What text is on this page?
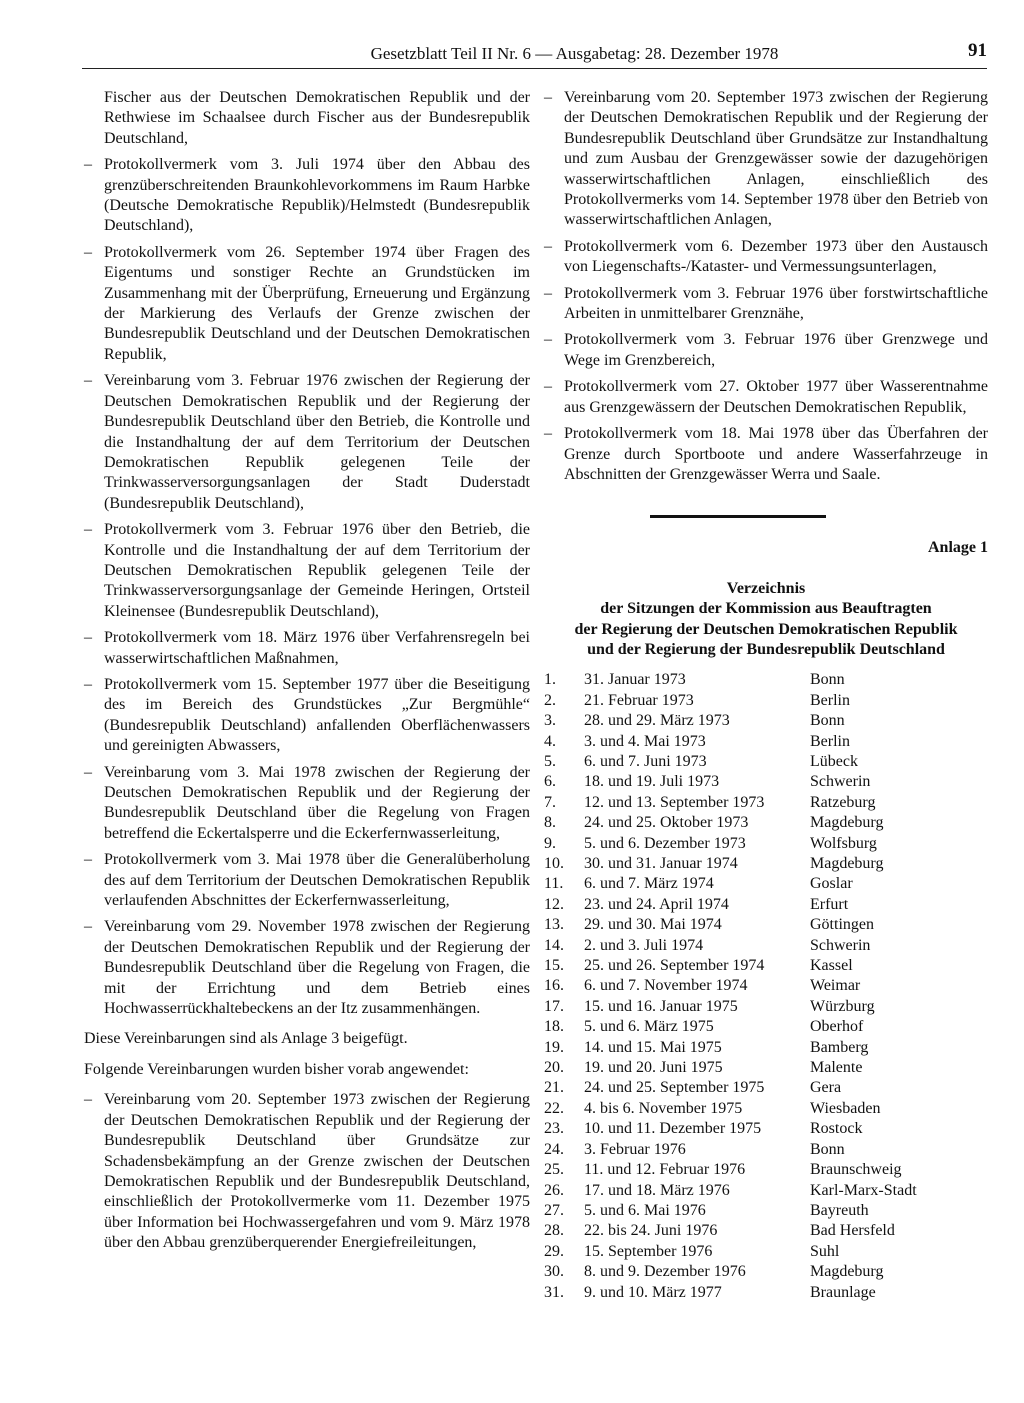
Gesetzblatt Teil II Nr. 6 — Ausgabetag: 28. Dezember 1978	91
Fischer aus der Deutschen Demokratischen Republik und der Rethwiese im Schaalsee durch Fischer aus der Bundesrepublik Deutschland,
– Protokollvermerk vom 3. Juli 1974 über den Abbau des grenzüberschreitenden Braunkohlevorkommens im Raum Harbke (Deutsche Demokratische Republik)/Helmstedt (Bundesrepublik Deutschland),
– Protokollvermerk vom 26. September 1974 über Fragen des Eigentums und sonstiger Rechte an Grundstücken im Zusammenhang mit der Überprüfung, Erneuerung und Ergänzung der Markierung des Verlaufs der Grenze zwischen der Bundesrepublik Deutschland und der Deutschen Demokratischen Republik,
– Vereinbarung vom 3. Februar 1976 zwischen der Regierung der Deutschen Demokratischen Republik und der Regierung der Bundesrepublik Deutschland über den Betrieb, die Kontrolle und die Instandhaltung der auf dem Territorium der Deutschen Demokratischen Republik gelegenen Teile der Trinkwasserversorgungsanlagen der Stadt Duderstadt (Bundesrepublik Deutschland),
– Protokollvermerk vom 3. Februar 1976 über den Betrieb, die Kontrolle und die Instandhaltung der auf dem Territorium der Deutschen Demokratischen Republik gelegenen Teile der Trinkwasserversorgungsanlage der Gemeinde Heringen, Ortsteil Kleinensee (Bundesrepublik Deutschland),
– Protokollvermerk vom 18. März 1976 über Verfahrensregeln bei wasserwirtschaftlichen Maßnahmen,
– Protokollvermerk vom 15. September 1977 über die Beseitigung des im Bereich des Grundstückes „Zur Bergmühle“ (Bundesrepublik Deutschland) anfallenden Oberflächenwassers und gereinigten Abwassers,
– Vereinbarung vom 3. Mai 1978 zwischen der Regierung der Deutschen Demokratischen Republik und der Regierung der Bundesrepublik Deutschland über die Regelung von Fragen betreffend die Eckertalsperre und die Eckerfernwasserleitung,
– Protokollvermerk vom 3. Mai 1978 über die Generalüberholung des auf dem Territorium der Deutschen Demokratischen Republik verlaufenden Abschnittes der Eckerfernwasserleitung,
– Vereinbarung vom 29. November 1978 zwischen der Regierung der Deutschen Demokratischen Republik und der Regierung der Bundesrepublik Deutschland über die Regelung von Fragen, die mit der Errichtung und dem Betrieb eines Hochwasserrückhaltebeckens an der Itz zusammenhängen.

Diese Vereinbarungen sind als Anlage 3 beigefügt.

Folgende Vereinbarungen wurden bisher vorab angewendet:

– Vereinbarung vom 20. September 1973 zwischen der Regierung der Deutschen Demokratischen Republik und der Regierung der Bundesrepublik Deutschland über Grundsätze zur Schadensbekämpfung an der Grenze zwischen der Deutschen Demokratischen Republik und der Bundesrepublik Deutschland, einschließlich der Protokollvermerke vom 11. Dezember 1975 über Information bei Hochwassergefahren und vom 9. März 1978 über den Abbau grenzüberquerender Energiefreileitungen,
– Vereinbarung vom 20. September 1973 zwischen der Regierung der Deutschen Demokratischen Republik und der Regierung der Bundesrepublik Deutschland über Grundsätze zur Instandhaltung und zum Ausbau der Grenzgewässer sowie der dazugehörigen wasserwirtschaftlichen Anlagen, einschließlich des Protokollvermerks vom 14. September 1978 über den Betrieb von wasserwirtschaftlichen Anlagen,
– Protokollvermerk vom 6. Dezember 1973 über den Austausch von Liegenschafts-/Kataster- und Vermessungsunterlagen,
– Protokollvermerk vom 3. Februar 1976 über forstwirtschaftliche Arbeiten in unmittelbarer Grenznähe,
– Protokollvermerk vom 3. Februar 1976 über Grenzwege und Wege im Grenzbereich,
– Protokollvermerk vom 27. Oktober 1977 über Wasserentnahme aus Grenzgewässern der Deutschen Demokratischen Republik,
– Protokollvermerk vom 18. Mai 1978 über das Überfahren der Grenze durch Sportboote und andere Wasserfahrzeuge in Abschnitten der Grenzgewässer Werra und Saale.
Anlage 1
Verzeichnis
der Sitzungen der Kommission aus Beauftragten
der Regierung der Deutschen Demokratischen Republik
und der Regierung der Bundesrepublik Deutschland
1.	31. Januar 1973	Bonn
2.	21. Februar 1973	Berlin
3.	28. und 29. März 1973	Bonn
4.	3. und 4. Mai 1973	Berlin
5.	6. und 7. Juni 1973	Lübeck
6.	18. und 19. Juli 1973	Schwerin
7.	12. und 13. September 1973	Ratzeburg
8.	24. und 25. Oktober 1973	Magdeburg
9.	5. und 6. Dezember 1973	Wolfsburg
10.	30. und 31. Januar 1974	Magdeburg
11.	6. und 7. März 1974	Goslar
12.	23. und 24. April 1974	Erfurt
13.	29. und 30. Mai 1974	Göttingen
14.	2. und 3. Juli 1974	Schwerin
15.	25. und 26. September 1974	Kassel
16.	6. und 7. November 1974	Weimar
17.	15. und 16. Januar 1975	Würzburg
18.	5. und 6. März 1975	Oberhof
19.	14. und 15. Mai 1975	Bamberg
20.	19. und 20. Juni 1975	Malente
21.	24. und 25. September 1975	Gera
22.	4. bis 6. November 1975	Wiesbaden
23.	10. und 11. Dezember 1975	Rostock
24.	3. Februar 1976	Bonn
25.	11. und 12. Februar 1976	Braunschweig
26.	17. und 18. März 1976	Karl-Marx-Stadt
27.	5. und 6. Mai 1976	Bayreuth
28.	22. bis 24. Juni 1976	Bad Hersfeld
29.	15. September 1976	Suhl
30.	8. und 9. Dezember 1976	Magdeburg
31.	9. und 10. März 1977	Braunlage
